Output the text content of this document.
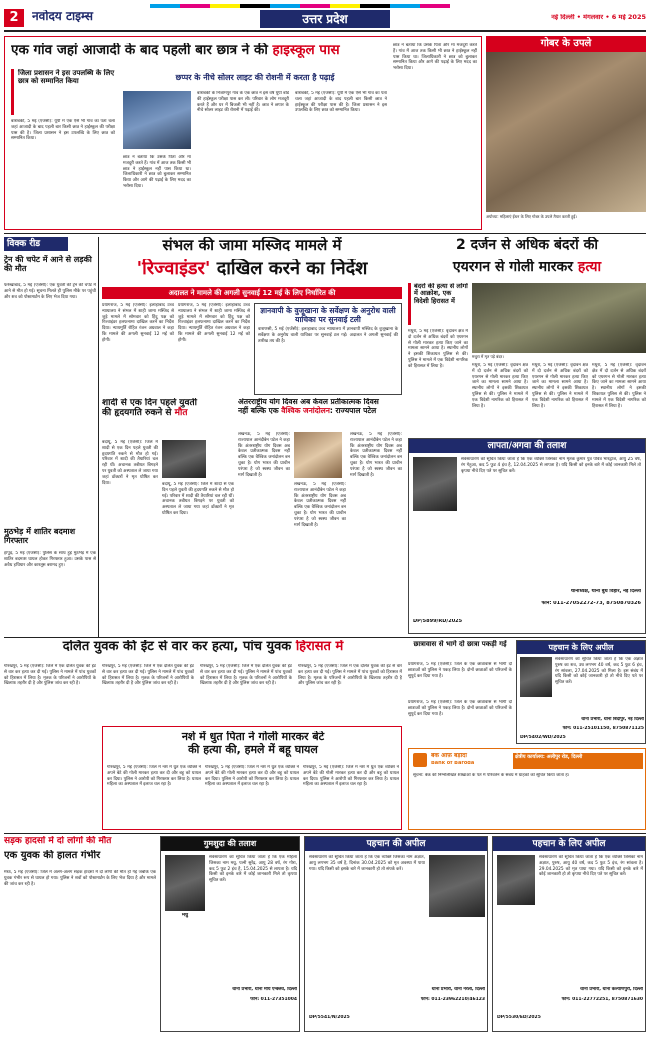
2	नवोदय टाइम्स	उत्तर प्रदेश	नई दिल्ली • मंगलवार • 6 मई 2025
एक गांव जहां आजादी के बाद पहली बार छात्र ने की हाइस्कूल पास
जिला प्रशासन ने इस उपलब्धि के लिए छात्र को सम्मानित किया	छप्पर के नीचे सोलर लाइट की रोशनी में करता है पढ़ाई
बाराबंकी, 5 मई (एजेंसी): यूपी में एक ऐसे भी गांव का पता चला जहां आजादी के बाद पहली बार किसी छात्र ने हाईस्कूल की परीक्षा पास की है। जिला प्रशासन ने इस उपलब्धि के लिए छात्र को सम्मानित किया।
बाराबंकी के निजामपुर गांव के एक छात्र ने इस वर्ष यूपी बोर्ड की हाईस्कूल परीक्षा पास कर ली। परिवार के लोग मजदूरी करते हैं और घर में बिजली भी नहीं है। छात्र ने छप्पर के नीचे सोलर लाइट की रोशनी में पढ़ाई की।
छात्र ने बताया कि उसके पिता और मां मजदूरी करते हैं। गांव में आज तक किसी भी छात्र ने हाईस्कूल नहीं पास किया था। जिलाधिकारी ने छात्र को बुलाकर सम्मानित किया और आगे की पढ़ाई के लिए मदद का भरोसा दिया।
बाराबंकी, 5 मई (एजेंसी): यूपी में एक ऐसे भी गांव का पता चला जहां आजादी के बाद पहली बार किसी छात्र ने हाईस्कूल की परीक्षा पास की है। जिला प्रशासन ने इस उपलब्धि के लिए छात्र को सम्मानित किया।
छात्र ने बताया कि उसके पिता और मां मजदूरी करते हैं। गांव में आज तक किसी भी छात्र ने हाईस्कूल नहीं पास किया था। जिलाधिकारी ने छात्र को बुलाकर सम्मानित किया और आगे की पढ़ाई के लिए मदद का भरोसा दिया।
गोबर के उपले
अयोध्या: महिलाएं ईंधन के लिए गोबर के उपले तैयार करती हुईं।
विक्क रीड
ट्रेन की चपेट में आने से लड़की की मौत
फर्रुखाबाद, 5 मई (एजेंसी): एक युवती की ट्रेन की चपेट में आने से मौत हो गई। सूचना मिलते ही पुलिस मौके पर पहुंची और शव को पोस्टमार्टम के लिए भेज दिया गया।
मुठभेड़ में शातिर बदमाश गिरफ्तार
हापुड़, 5 मई (एजेंसी): पुलिस के साथ हुई मुठभेड़ में एक शातिर बदमाश घायल होकर गिरफ्तार हुआ। उसके पास से अवैध हथियार और कारतूस बरामद हुए।
संभल की जामा मस्जिद मामले में
'रिज्वाइंडर' दाखिल करने का निर्देश
अदालत ने मामले की अगली सुनवाई 12 मई के लिए निर्धारित की
प्रयागराज, 5 मई (एजेंसी): इलाहाबाद उच्च न्यायालय ने संभल में शाही जामा मस्जिद से जुड़े मामले में सोमवार को हिंदू पक्ष को रिज्वाइंडर हलफनामा दाखिल करने का निर्देश दिया। न्यायमूर्ति रोहित रंजन अग्रवाल ने कहा कि मामले की अगली सुनवाई 12 मई को होगी।
प्रयागराज, 5 मई (एजेंसी): इलाहाबाद उच्च न्यायालय ने संभल में शाही जामा मस्जिद से जुड़े मामले में सोमवार को हिंदू पक्ष को रिज्वाइंडर हलफनामा दाखिल करने का निर्देश दिया। न्यायमूर्ति रोहित रंजन अग्रवाल ने कहा कि मामले की अगली सुनवाई 12 मई को होगी।
ज्ञानवापी के वुजूखाना के सर्वेक्षण के अनुरोध वाली याचिका पर सुनवाई टली
वाराणसी, 5 मई (एजेंसी): इलाहाबाद उच्च न्यायालय में ज्ञानवापी मस्जिद के वुजूखाना के सर्वेक्षण के अनुरोध वाली याचिका पर सुनवाई टल गई। अदालत ने अगली सुनवाई की तारीख तय की है।
2 दर्जन से अधिक बंदरों की
एयरगन से गोली मारकर हत्या
बंदरों की हत्या से लोगों में आक्रोश, एक विदेशी हिरासत में
मथुरा में मृत पड़े बंदर।
मथुरा, 5 मई (एजेंसी): वृंदावन क्षेत्र में दो दर्जन से अधिक बंदरों को एयरगन से गोली मारकर हत्या किए जाने का मामला सामने आया है। स्थानीय लोगों ने इसकी शिकायत पुलिस से की। पुलिस ने मामले में एक विदेशी नागरिक को हिरासत में लिया है।	मथुरा, 5 मई (एजेंसी): वृंदावन क्षेत्र में दो दर्जन से अधिक बंदरों को एयरगन से गोली मारकर हत्या किए जाने का मामला सामने आया है। स्थानीय लोगों ने इसकी शिकायत पुलिस से की। पुलिस ने मामले में एक विदेशी नागरिक को हिरासत में लिया है।
मथुरा, 5 मई (एजेंसी): वृंदावन क्षेत्र में दो दर्जन से अधिक बंदरों को एयरगन से गोली मारकर हत्या किए जाने का मामला सामने आया है। स्थानीय लोगों ने इसकी शिकायत पुलिस से की। पुलिस ने मामले में एक विदेशी नागरिक को हिरासत में लिया है।
मथुरा, 5 मई (एजेंसी): वृंदावन क्षेत्र में दो दर्जन से अधिक बंदरों को एयरगन से गोली मारकर हत्या किए जाने का मामला सामने आया है। स्थानीय लोगों ने इसकी शिकायत पुलिस से की। पुलिस ने मामले में एक विदेशी नागरिक को हिरासत में लिया है।
शादी से एक दिन पहले युवती
की हृदयगति रुकने से मौत
बदायूं, 5 मई (एजेंसी): जिले में शादी से एक दिन पहले युवती की हृदयगति रुकने से मौत हो गई। परिवार में शादी की तैयारियां चल रही थीं। अचानक तबीयत बिगड़ने पर युवती को अस्पताल ले जाया गया जहां डॉक्टरों ने मृत घोषित कर दिया।	बदायूं, 5 मई (एजेंसी): जिले में शादी से एक दिन पहले युवती की हृदयगति रुकने से मौत हो गई। परिवार में शादी की तैयारियां चल रही थीं। अचानक तबीयत बिगड़ने पर युवती को अस्पताल ले जाया गया जहां डॉक्टरों ने मृत घोषित कर दिया।
अंतरराष्ट्रीय योग दिवस अब केवल प्रतीकात्मक दिवस
नहीं बल्कि एक वैश्विक जनांदोलन: राज्यपाल पटेल
लखनऊ, 5 मई (एजेंसी): राज्यपाल आनंदीबेन पटेल ने कहा कि अंतरराष्ट्रीय योग दिवस अब केवल प्रतीकात्मक दिवस नहीं बल्कि एक वैश्विक जनांदोलन बन चुका है। योग भारत की प्राचीन परंपरा है जो स्वस्थ जीवन का मार्ग दिखाती है।
लखनऊ, 5 मई (एजेंसी): राज्यपाल आनंदीबेन पटेल ने कहा कि अंतरराष्ट्रीय योग दिवस अब केवल प्रतीकात्मक दिवस नहीं बल्कि एक वैश्विक जनांदोलन बन चुका है। योग भारत की प्राचीन परंपरा है जो स्वस्थ जीवन का मार्ग दिखाती है।
लखनऊ, 5 मई (एजेंसी): राज्यपाल आनंदीबेन पटेल ने कहा कि अंतरराष्ट्रीय योग दिवस अब केवल प्रतीकात्मक दिवस नहीं बल्कि एक वैश्विक जनांदोलन बन चुका है। योग भारत की प्राचीन परंपरा है जो स्वस्थ जीवन का मार्ग दिखाती है।
लापता/अगवा की तलाश
सर्वसाधारण को सूचित किया जाता है कि एक व्यक्ति जिसका नाम मृतक कुमार पुत्र पवित्र भारद्वाज, आयु 25 वर्ष, रंग गेहुआ, कद 5 फुट 4 इंच है, 12.04.2025 से लापता है। यदि किसी को इनके बारे में कोई जानकारी मिले तो कृपया नीचे दिए पते पर सूचित करें।
थानाध्यक्ष, थाना बुध विहार, नई दिल्ली
फोन: 011-27052272-73, 8750870326
DP/5899/RD/2025
दलित युवक की ईंट से वार कर हत्या, पांच युवक हिरासत में
गोरखपुर, 5 मई (एजेंसी): जिले में एक दलित युवक की ईंट से वार कर हत्या कर दी गई। पुलिस ने मामले में पांच युवकों को हिरासत में लिया है। मृतक के परिजनों ने आरोपियों के खिलाफ तहरीर दी है और पुलिस जांच कर रही है।
गोरखपुर, 5 मई (एजेंसी): जिले में एक दलित युवक की ईंट से वार कर हत्या कर दी गई। पुलिस ने मामले में पांच युवकों को हिरासत में लिया है। मृतक के परिजनों ने आरोपियों के खिलाफ तहरीर दी है और पुलिस जांच कर रही है।
गोरखपुर, 5 मई (एजेंसी): जिले में एक दलित युवक की ईंट से वार कर हत्या कर दी गई। पुलिस ने मामले में पांच युवकों को हिरासत में लिया है। मृतक के परिजनों ने आरोपियों के खिलाफ तहरीर दी है और पुलिस जांच कर रही है।
गोरखपुर, 5 मई (एजेंसी): जिले में एक दलित युवक की ईंट से वार कर हत्या कर दी गई। पुलिस ने मामले में पांच युवकों को हिरासत में लिया है। मृतक के परिजनों ने आरोपियों के खिलाफ तहरीर दी है और पुलिस जांच कर रही है।
नशे में धुत पिता ने गोली मारकर बेटे
की हत्या की, हमले में बहू घायल
गोरखपुर, 5 मई (एजेंसी): जिले में नशे में धुत एक व्यक्ति ने अपने बेटे की गोली मारकर हत्या कर दी और बहू को घायल कर दिया। पुलिस ने आरोपी को गिरफ्तार कर लिया है। घायल महिला का अस्पताल में इलाज चल रहा है।
गोरखपुर, 5 मई (एजेंसी): जिले में नशे में धुत एक व्यक्ति ने अपने बेटे की गोली मारकर हत्या कर दी और बहू को घायल कर दिया। पुलिस ने आरोपी को गिरफ्तार कर लिया है। घायल महिला का अस्पताल में इलाज चल रहा है।
गोरखपुर, 5 मई (एजेंसी): जिले में नशे में धुत एक व्यक्ति ने अपने बेटे की गोली मारकर हत्या कर दी और बहू को घायल कर दिया। पुलिस ने आरोपी को गिरफ्तार कर लिया है। घायल महिला का अस्पताल में इलाज चल रहा है।
छात्रावास से भागे दो छात्रा पकड़ी गई
प्रयागराज, 5 मई (एजेंसी): जिले के एक छात्रावास से भागी दो छात्राओं को पुलिस ने पकड़ लिया है। दोनों छात्राओं को परिजनों के सुपुर्द कर दिया गया है।
पहचान के लिए अपील
सर्वसाधारण को सूचित किया जाता है कि एक अज्ञात पुरुष का शव, उम्र लगभग 40 वर्ष, कद 5 फुट 6 इंच, रंग सांवला, 27.04.2025 को मिला है। इस संबंध में यदि किसी को कोई जानकारी हो तो नीचे दिए पते पर सूचित करें।
थाना प्रभारी, थाना बिंदापुर, नई दिल्ली
फोन: 011-25101150, 8750871125
DP/5402/WD/2025
प्रयागराज, 5 मई (एजेंसी): जिले के एक छात्रावास से भागी दो छात्राओं को पुलिस ने पकड़ लिया है। दोनों छात्राओं को परिजनों के सुपुर्द कर दिया गया है।
बैंक ऑफ़ बड़ौदा
Bank of Baroda
क्षेत्रीय कार्यालय: अलीपुर रोड, दिल्ली
सूचना: बैंक की निम्नलिखित शाखाओं के पते में परिवर्तन के संबंध में ग्राहकों को सूचित किया जाता है।
सड़क हादसों में दो लोगों की मौत
एक युवक की हालत गंभीर
मेरठ, 5 मई (एजेंसी): जिले में अलग-अलग सड़क हादसों में दो लोगों की मौत हो गई जबकि एक युवक गंभीर रूप से घायल हो गया। पुलिस ने शवों को पोस्टमार्टम के लिए भेज दिया है और मामले की जांच कर रही है।
गुमशुदा की तलाश
मधु
सर्वसाधारण को सूचित किया जाता है कि एक महिला जिसका नाम मधु, पत्नी सुरेंद्र, आयु 28 वर्ष, रंग गोरा, कद 5 फुट 2 इंच है, 15.04.2025 से लापता है। यदि किसी को इनके बारे में कोई जानकारी मिले तो कृपया सूचित करें।
थाना प्रभारी, थाना मौर्य एन्क्लेव, दिल्ली
फोन: 011-27351004
पहचान की अपील
सर्वसाधारण को सूचित किया जाता है कि एक व्यक्ति जिसका नाम अज्ञात, आयु लगभग 35 वर्ष है, दिनांक 30.04.2025 को मृत अवस्था में पाया गया। यदि किसी को इसके बारे में जानकारी हो तो संपर्क करें।
थाना प्रभारी, थाना नरेला, दिल्ली
फोन: 011-23962210/46123
DP/5541/N/2025
पहचान के लिए अपील
सर्वसाधारण को सूचित किया जाता है कि एक व्यक्ति जिसका नाम अज्ञात, पुरुष, आयु 40 वर्ष, कद 5 फुट 5 इंच, रंग सांवला है। 29.04.2025 को मृत पाया गया। यदि किसी को इनके बारे में कोई जानकारी हो तो कृपया नीचे दिए पते पर सूचित करें।
थाना प्रभारी, थाना कल्याणपुरी, दिल्ली
फोन: 011-22772251, 8750871630
DP/5530/ED/2025
